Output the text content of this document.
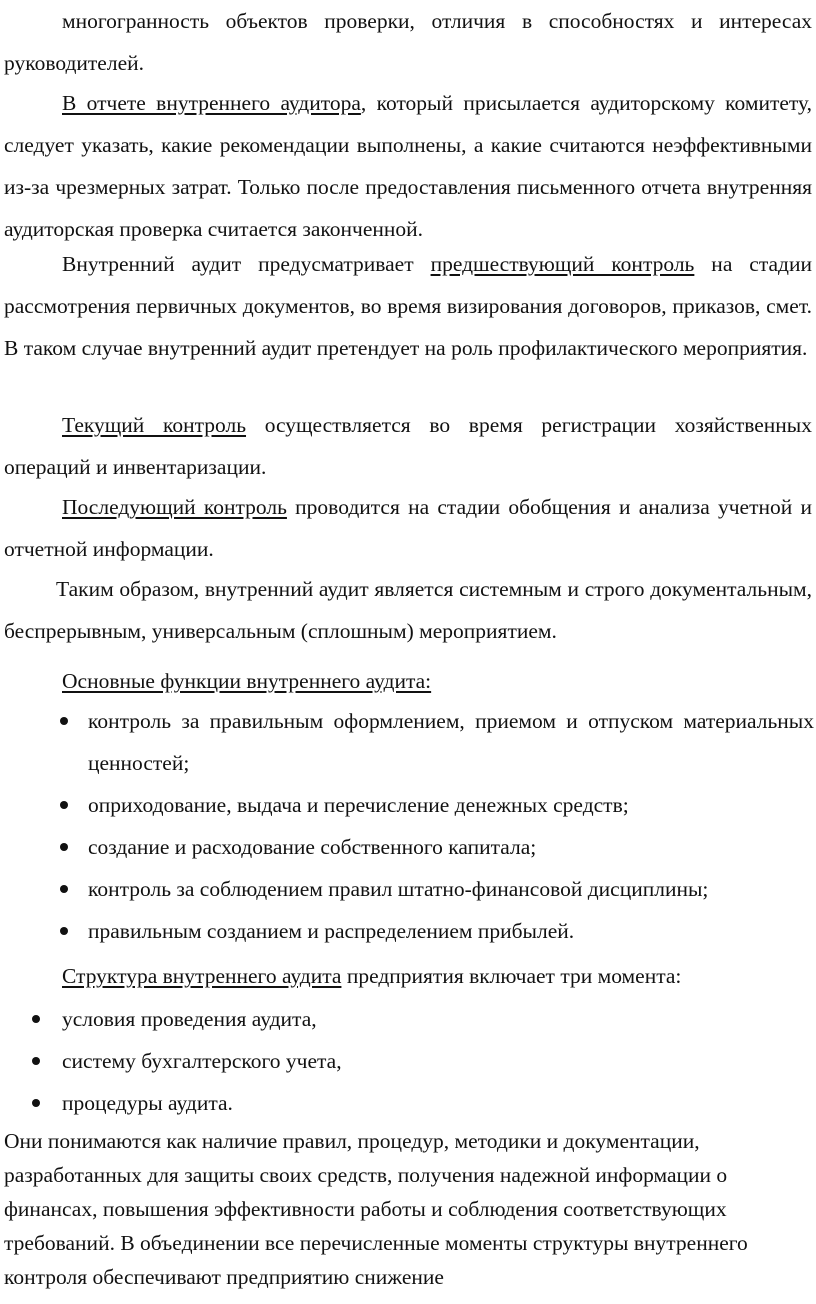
многогранность объектов проверки, отличия в способностях и интересах руководителей.

В отчете внутреннего аудитора, который присылается аудиторскому комитету, следует указать, какие рекомендации выполнены, а какие считаются неэффективными из-за чрезмерных затрат. Только после предоставления письменного отчета внутренняя аудиторская проверка считается законченной.

Внутренний аудит предусматривает предшествующий контроль на стадии рассмотрения первичных документов, во время визирования договоров, приказов, смет. В таком случае внутренний аудит претендует на роль профилактического мероприятия.

Текущий контроль осуществляется во время регистрации хозяйственных операций и инвентаризации.

Последующий контроль проводится на стадии обобщения и анализа учетной и отчетной информации.

Таким образом, внутренний аудит является системным и строго документальным, беспрерывным, универсальным (сплошным) мероприятием.

Основные функции внутреннего аудита:

контроль за правильным оформлением, приемом и отпуском материальных ценностей;
оприходование, выдача и перечисление денежных средств;
создание и расходование собственного капитала;
контроль за соблюдением правил штатно-финансовой дисциплины;
правильным созданием и распределением прибылей.

Структура внутреннего аудита предприятия включает три момента:

условия проведения аудита,
систему бухгалтерского учета,
процедуры аудита.

Они понимаются как наличие правил, процедур, методики и документации, разработанных для защиты своих средств, получения надежной информации о финансах, повышения эффективности работы и соблюдения соответствующих требований. В объединении все перечисленные моменты структуры внутреннего контроля обеспечивают предприятию снижение
